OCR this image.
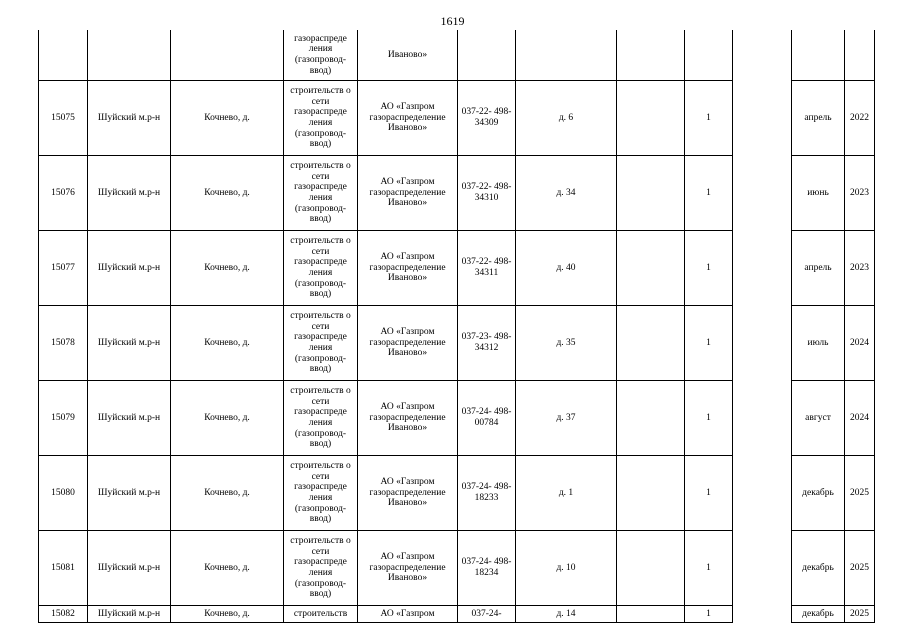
1619
			газораспреде ления (газопровод- ввод)	Иваново»							
15075	Шуйский м.р-н	Кочнево, д.	строительств о сети газораспреде ления (газопровод- ввод)	АО «Газпром газораспределение Иваново»	037-22- 498-34309	д. 6		1		апрель	2022
15076	Шуйский м.р-н	Кочнево, д.	строительств о сети газораспреде ления (газопровод- ввод)	АО «Газпром газораспределение Иваново»	037-22- 498-34310	д. 34		1		июнь	2023
15077	Шуйский м.р-н	Кочнево, д.	строительств о сети газораспреде ления (газопровод- ввод)	АО «Газпром газораспределение Иваново»	037-22- 498-34311	д. 40		1		апрель	2023
15078	Шуйский м.р-н	Кочнево, д.	строительств о сети газораспреде ления (газопровод- ввод)	АО «Газпром газораспределение Иваново»	037-23- 498-34312	д. 35		1		июль	2024
15079	Шуйский м.р-н	Кочнево, д.	строительств о сети газораспреде ления (газопровод- ввод)	АО «Газпром газораспределение Иваново»	037-24- 498-00784	д. 37		1		август	2024
15080	Шуйский м.р-н	Кочнево, д.	строительств о сети газораспреде ления (газопровод- ввод)	АО «Газпром газораспределение Иваново»	037-24- 498-18233	д. 1		1		декабрь	2025
15081	Шуйский м.р-н	Кочнево, д.	строительств о сети газораспреде ления (газопровод- ввод)	АО «Газпром газораспределение Иваново»	037-24- 498-18234	д. 10		1		декабрь	2025
15082	Шуйский м.р-н	Кочнево, д.	строительств	АО «Газпром	037-24-	д. 14		1		декабрь	2025
